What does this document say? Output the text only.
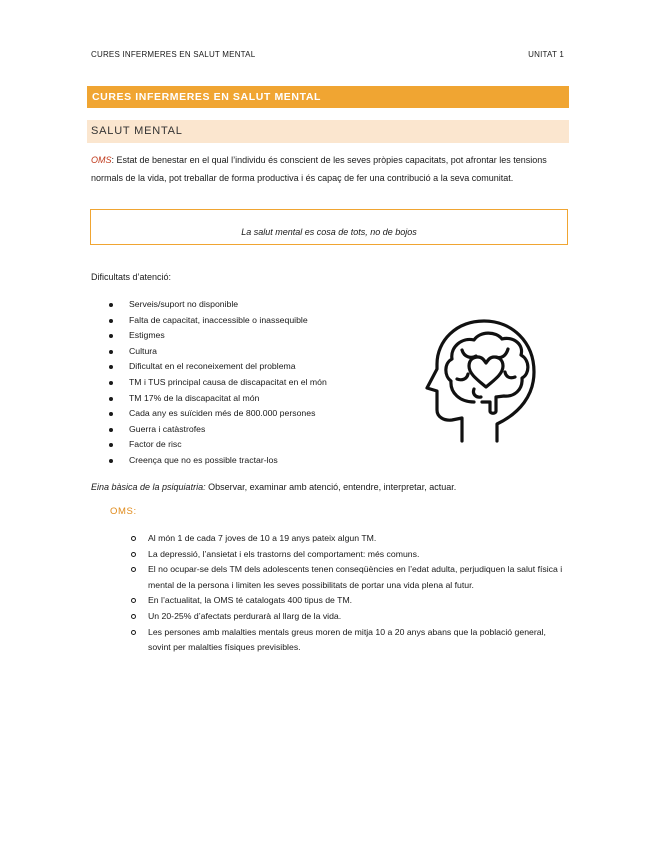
CURES INFERMERES EN SALUT MENTAL	UNITAT 1
CURES INFERMERES EN SALUT MENTAL
SALUT MENTAL
OMS: Estat de benestar en el qual l’individu és conscient de les seves pròpies capacitats, pot afrontar les tensions normals de la vida, pot treballar de forma productiva i és capaç de fer una contribució a la seva comunitat.
La salut mental es cosa de tots, no de bojos
Dificultats d’atenció:
Serveis/suport no disponible
Falta de capacitat, inaccessible o inassequible
Estigmes
Cultura
Dificultat en el reconeixement del problema
TM i TUS principal causa de discapacitat en el món
TM 17% de la discapacitat al món
Cada any es suïciden més de 800.000 persones
Guerra i catàstrofes
Factor de risc
Creença que no es possible tractar-los
Eina bàsica de la psiquiatria: Observar, examinar amb atenció, entendre, interpretar, actuar.
OMS:
Al món 1 de cada 7 joves de 10 a 19 anys pateix algun TM.
La depressió, l’ansietat i els trastorns del comportament: més comuns.
El no ocupar-se dels TM dels adolescents tenen conseqüències en l’edat adulta, perjudiquen la salut física i mental de la persona i limiten les seves possibilitats de portar una vida plena al futur.
En l’actualitat, la OMS té catalogats 400 tipus de TM.
Un 20-25% d’afectats perdurarà al llarg de la vida.
Les persones amb malalties mentals greus moren de mitja 10 a 20 anys abans que la població general, sovint per malalties físiques previsibles.
